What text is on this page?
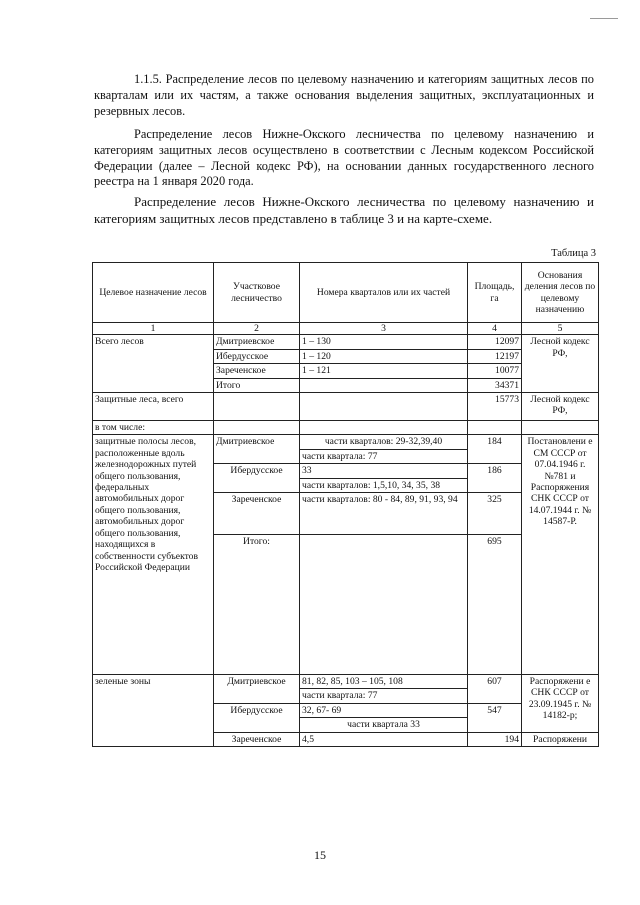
1.1.5. Распределение лесов по целевому назначению и категориям защитных лесов по кварталам или их частям, а также основания выделения защитных, эксплуатационных и резервных лесов.

Распределение лесов Нижне-Окского лесничества по целевому назначению и категориям защитных лесов осуществлено в соответствии с Лесным кодексом Российской Федерации (далее – Лесной кодекс РФ), на основании данных государственного лесного реестра на 1 января 2020 года.

Распределение лесов Нижне-Окского лесничества по целевому назначению и категориям защитных лесов представлено в таблице 3 и на карте-схеме.

Таблица 3
Целевое назначение лесов	Участковое лесничество	Номера кварталов или их частей	Площадь, га	Основания деления лесов по целевому назначению
1	2	3	4	5
Всего лесов	Дмитриевское	1 – 130	12097	Лесной кодекс РФ,
	Ибердусское	1 – 120	12197	
	Зареченское	1 – 121	10077	
	Итого		34371	
Защитные леса, всего			15773	Лесной кодекс РФ,
в том числе:				
защитные полосы лесов, расположенные вдоль железнодорожных путей общего пользования, федеральных автомобильных дорог общего пользования, автомобильных дорог общего пользования, находящихся в собственности субъектов Российской Федерации	Дмитриевское	части кварталов: 29-32,39,40	184	Постановлени е СМ СССР от 07.04.1946 г. №781 и Распоряжения СНК СССР от 14.07.1944 г. № 14587-Р.
		части квартала: 77		
	Ибердусское	33	186	
		части кварталов: 1,5,10, 34, 35, 38		
	Зареченское	части кварталов: 80 - 84, 89, 91, 93, 94	325	
	Итого:		695	
зеленые зоны	Дмитриевское	81, 82, 85, 103 – 105, 108	607	Распоряжени е СНК СССР от 23.09.1945 г. № 14182-р;
		части квартала: 77		
	Ибердусское	32, 67- 69	547	
		части квартала 33		
	Зареченское	4,5	194	Распоряжени
15
